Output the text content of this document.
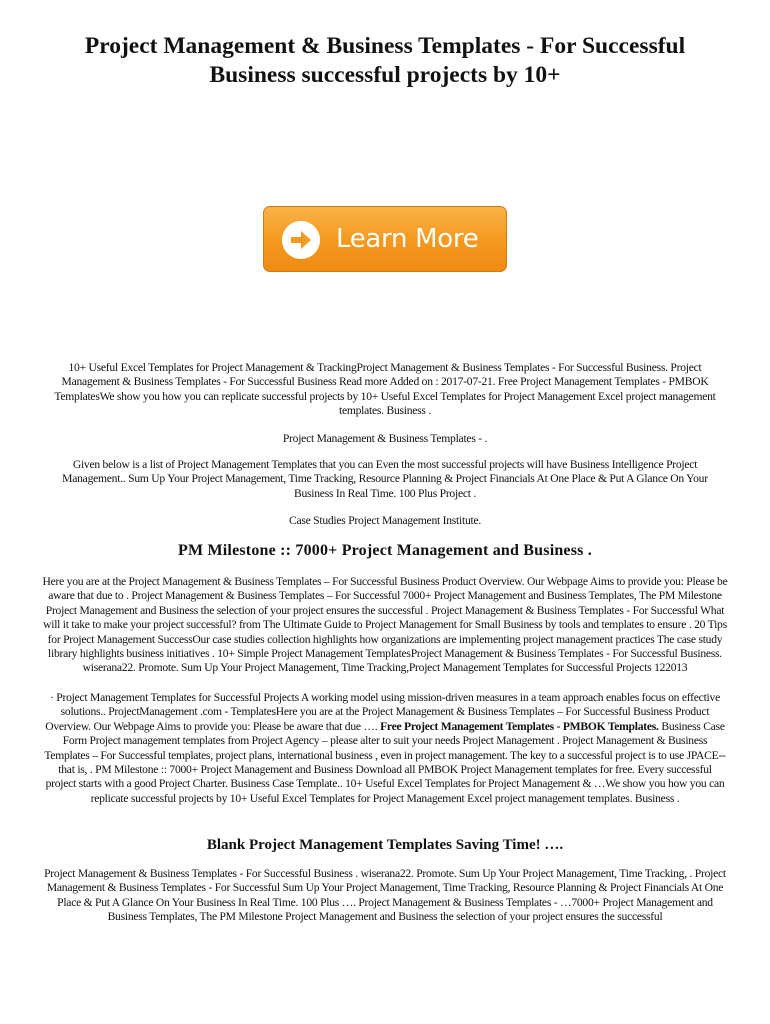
Project Management & Business Templates - For Successful Business successful projects by 10+
Learn More

10+ Useful Excel Templates for Project Management & TrackingProject Management & Business Templates - For Successful Business. Project Management & Business Templates - For Successful Business Read more Added on : 2017-07-21. Free Project Management Templates - PMBOK TemplatesWe show you how you can replicate successful projects by 10+ Useful Excel Templates for Project Management Excel project management templates. Business .

Project Management & Business Templates - .

Given below is a list of Project Management Templates that you can Even the most successful projects will have Business Intelligence Project Management.. Sum Up Your Project Management, Time Tracking, Resource Planning & Project Financials At One Place & Put A Glance On Your Business In Real Time. 100 Plus Project .

Case Studies Project Management Institute.

PM Milestone :: 7000+ Project Management and Business .

Here you are at the Project Management & Business Templates – For Successful Business Product Overview. Our Webpage Aims to provide you: Please be aware that due to . Project Management & Business Templates – For Successful 7000+ Project Management and Business Templates, The PM Milestone Project Management and Business the selection of your project ensures the successful . Project Management & Business Templates - For Successful What will it take to make your project successful? from The Ultimate Guide to Project Management for Small Business by tools and templates to ensure . 20 Tips for Project Management SuccessOur case studies collection highlights how organizations are implementing project management practices The case study library highlights business initiatives . 10+ Simple Project Management TemplatesProject Management & Business Templates - For Successful Business. wiserana22. Promote. Sum Up Your Project Management, Time Tracking,Project Management Templates for Successful Projects 122013

· Project Management Templates for Successful Projects A working model using mission-driven measures in a team approach enables focus on effective solutions.. ProjectManagement .com - TemplatesHere you are at the Project Management & Business Templates – For Successful Business Product Overview. Our Webpage Aims to provide you: Please be aware that due …. Free Project Management Templates - PMBOK Templates. Business Case Form Project management templates from Project Agency – please alter to suit your needs Project Management . Project Management & Business Templates – For Successful templates, project plans, international business , even in project management. The key to a successful project is to use JPACE--that is, . PM Milestone :: 7000+ Project Management and Business Download all PMBOK Project Management templates for free. Every successful project starts with a good Project Charter. Business Case Template.. 10+ Useful Excel Templates for Project Management & …We show you how you can replicate successful projects by 10+ Useful Excel Templates for Project Management Excel project management templates. Business .

Blank Project Management Templates Saving Time! ….

Project Management & Business Templates - For Successful Business . wiserana22. Promote. Sum Up Your Project Management, Time Tracking, . Project Management & Business Templates - For Successful Sum Up Your Project Management, Time Tracking, Resource Planning & Project Financials At One Place & Put A Glance On Your Business In Real Time. 100 Plus …. Project Management & Business Templates - …7000+ Project Management and Business Templates, The PM Milestone Project Management and Business the selection of your project ensures the successful
